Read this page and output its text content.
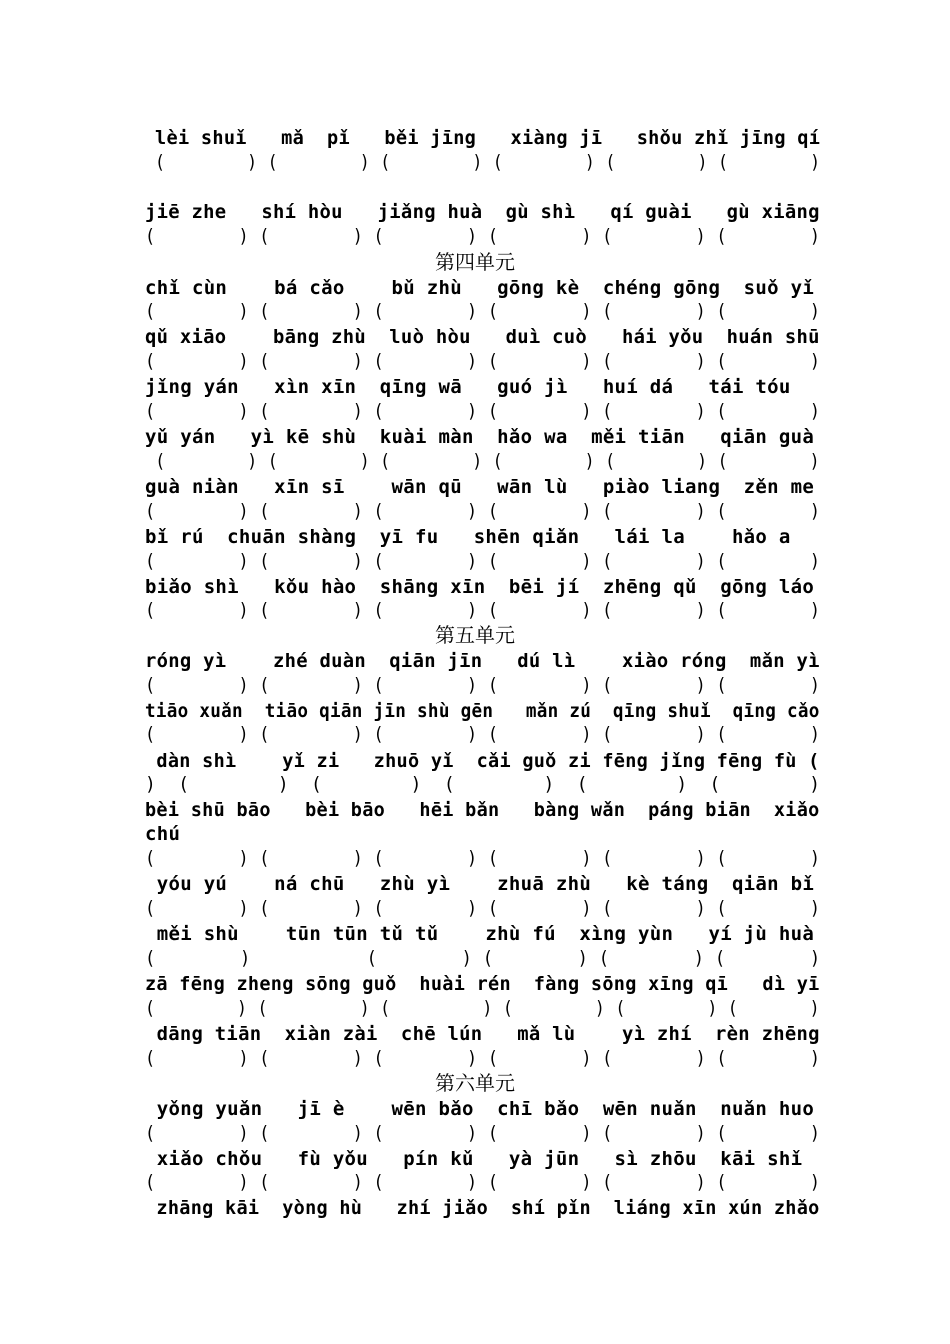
lèi shuǐ   mǎ  pǐ   běi jīng   xiàng jī   shǒu zhǐ jīng qí
(        ) (        ) (        ) (        ) (        ) (        )
jiē zhe   shí hòu   jiǎng huà  gù shì   qí guài   gù xiāng
(        ) (        ) (        ) (        ) (        ) (        )
第四单元
chǐ cùn    bá cǎo    bǔ zhù   gōng kè  chéng gōng  suǒ yǐ
(        ) (        ) (        ) (        ) (        ) (        )
qǔ xiāo    bāng zhù  luò hòu   duì cuò   hái yǒu  huán shū
(        ) (        ) (        ) (        ) (        ) (        )
jǐng yán   xìn xīn  qīng wā   guó jì   huí dá   tái tóu
(        ) (        ) (        ) (        ) (        ) (        )
yǔ yán   yì kē shù  kuài màn  hǎo wa  měi tiān   qiān guà
(        ) (        ) (        ) (        ) (        ) (        )
guà niàn   xīn sī    wān qū   wān lù   piào liang  zěn me
(        ) (        ) (        ) (        ) (        ) (        )
bǐ rú  chuān shàng  yī fu   shēn qiǎn   lái la    hǎo a
(        ) (        ) (        ) (        ) (        ) (        )
biǎo shì   kǒu hào  shāng xīn  bēi jí  zhēng qǔ  gōng láo
(        ) (        ) (        ) (        ) (        ) (        )
第五单元
róng yì    zhé duàn  qiān jīn   dú lì    xiào róng  mǎn yì
(        ) (        ) (        ) (        ) (        ) (        )
tiāo xuǎn  tiāo qiān jīn shù gēn   mǎn zú  qīng shuǐ  qīng cǎo
(        ) (        ) (        ) (        ) (        ) (        )
dàn shì    yǐ zi   zhuō yǐ  cǎi guǒ zi fēng jǐng fēng fù (
)  (        )  (        )  (        )  (        )  (        )
bèi shū bāo   bèi bāo   hēi bǎn   bàng wǎn  páng biān  xiǎo
chú
(        ) (        ) (        ) (        ) (        ) (        )
yóu yú    ná chū   zhù yì    zhuā zhù   kè táng  qiān bǐ
(        ) (        ) (        ) (        ) (        ) (        )
měi shù    tūn tūn tǔ tǔ    zhù fú  xìng yùn   yí jù huà
(        )           (        ) (        ) (        ) (        )
zā fēng zheng sōng guǒ  huài rén  fàng sōng xīng qī   dì yī
(        ) (         ) (         ) (        ) (        ) (       )
dāng tiān  xiàn zài  chē lún   mǎ lù    yì zhí  rèn zhēng
(        ) (        ) (        ) (        ) (        ) (        )
第六单元
yǒng yuǎn   jī è    wēn bǎo  chī bǎo  wēn nuǎn  nuǎn huo
(        ) (        ) (        ) (        ) (        ) (        )
xiǎo chǒu   fù yǒu   pín kǔ   yà jūn   sì zhōu  kāi shǐ
(        ) (        ) (        ) (        ) (        ) (        )
zhāng kāi  yòng hù   zhí jiǎo  shí pǐn  liáng xīn xún zhǎo
